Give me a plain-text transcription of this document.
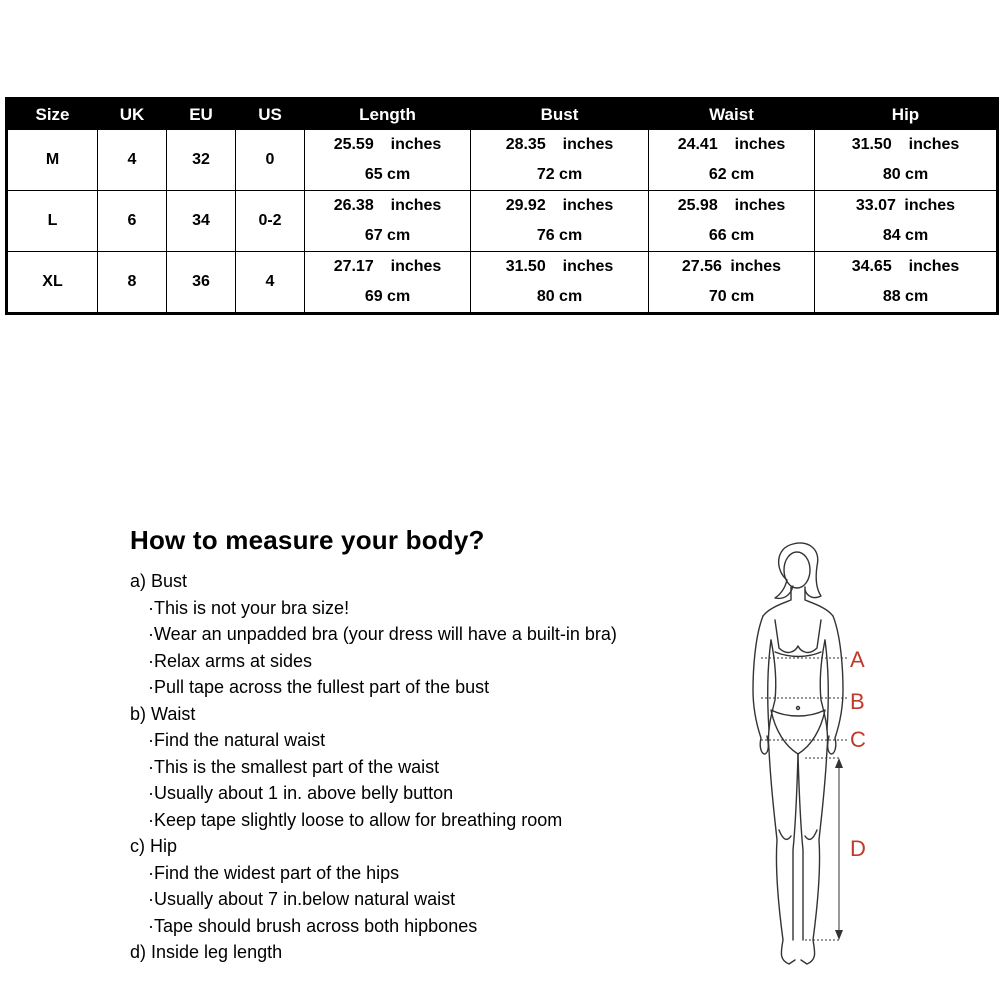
Size	UK	EU	US	Length	Bust	Waist	Hip
M	4	32	0	25.59  inches	28.35  inches	24.41  inches	31.50  inches
				65 cm	72 cm	62 cm	80 cm
L	6	34	0-2	26.38  inches	29.92  inches	25.98  inches	33.07 inches
				67 cm	76 cm	66 cm	84 cm
XL	8	36	4	27.17  inches	31.50  inches	27.56 inches	34.65  inches
				69 cm	80 cm	70 cm	88 cm
How to measure your body?

a) Bust

·This is not your bra size!

·Wear an unpadded bra (your dress will have a built-in bra)

·Relax arms at sides

·Pull tape across the fullest part of the bust

b) Waist

·Find the natural waist

·This is the smallest part of the waist

·Usually about 1 in. above belly button

·Keep tape slightly loose to allow for breathing room

c) Hip

·Find the widest part of the hips

·Usually about 7 in.below natural waist

·Tape should brush across both hipbones

d) Inside leg length

A
B
C
D
